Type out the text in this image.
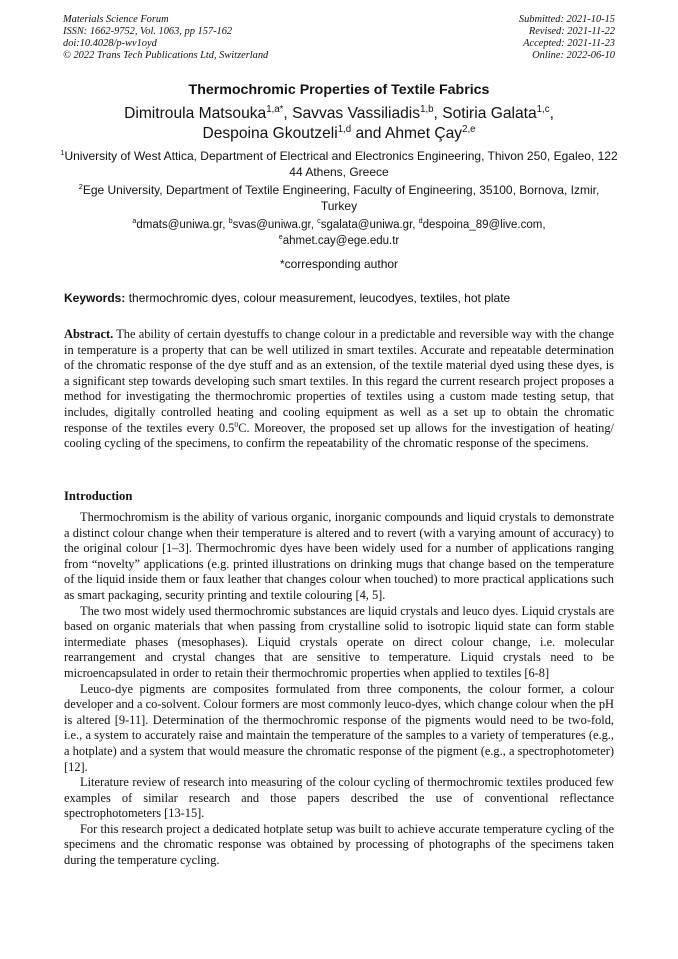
Materials Science Forum
ISSN: 1662-9752, Vol. 1063, pp 157-162
doi:10.4028/p-wv1oyd
© 2022 Trans Tech Publications Ltd, Switzerland
Submitted: 2021-10-15
Revised: 2021-11-22
Accepted: 2021-11-23
Online: 2022-06-10
Thermochromic Properties of Textile Fabrics
Dimitroula Matsouka$^{1,a*}$, Savvas Vassiliadis$^{1,b}$, Sotiria Galata$^{1,c}$,
Despoina Gkoutzeli$^{1,d}$ and Ahmet Çay$^{2,e}$
$^1$University of West Attica, Department of Electrical and Electronics Engineering, Thivon 250, Egaleo, 122 44 Athens, Greece
$^2$Ege University, Department of Textile Engineering, Faculty of Engineering, 35100, Bornova, Izmir, Turkey
$^a$dmats@uniwa.gr, $^b$svas@uniwa.gr, $^c$sgalata@uniwa.gr, $^d$despoina_89@live.com,
$^e$ahmet.cay@ege.edu.tr
*corresponding author
Keywords: thermochromic dyes, colour measurement, leucodyes, textiles, hot plate
Abstract. The ability of certain dyestuffs to change colour in a predictable and reversible way with the change in temperature is a property that can be well utilized in smart textiles. Accurate and repeatable determination of the chromatic response of the dye stuff and as an extension, of the textile material dyed using these dyes, is a significant step towards developing such smart textiles. In this regard the current research project proposes a method for investigating the thermochromic properties of textiles using a custom made testing setup, that includes, digitally controlled heating and cooling equipment as well as a set up to obtain the chromatic response of the textiles every $0.5^0C$. Moreover, the proposed set up allows for the investigation of heating/ cooling cycling of the specimens, to confirm the repeatability of the chromatic response of the specimens.
Introduction

Thermochromism is the ability of various organic, inorganic compounds and liquid crystals to demonstrate a distinct colour change when their temperature is altered and to revert (with a varying amount of accuracy) to the original colour [1–3]. Thermochromic dyes have been widely used for a number of applications ranging from “novelty” applications (e.g. printed illustrations on drinking mugs that change based on the temperature of the liquid inside them or faux leather that changes colour when touched) to more practical applications such as smart packaging, security printing and textile colouring [4, 5].

The two most widely used thermochromic substances are liquid crystals and leuco dyes. Liquid crystals are based on organic materials that when passing from crystalline solid to isotropic liquid state can form stable intermediate phases (mesophases). Liquid crystals operate on direct colour change, i.e. molecular rearrangement and crystal changes that are sensitive to temperature. Liquid crystals need to be microencapsulated in order to retain their thermochromic properties when applied to textiles [6-8]

Leuco-dye pigments are composites formulated from three components, the colour former, a colour developer and a co-solvent. Colour formers are most commonly leuco-dyes, which change colour when the pH is altered [9-11]. Determination of the thermochromic response of the pigments would need to be two-fold, i.e., a system to accurately raise and maintain the temperature of the samples to a variety of temperatures (e.g., a hotplate) and a system that would measure the chromatic response of the pigment (e.g., a spectrophotometer) [12].

Literature review of research into measuring of the colour cycling of thermochromic textiles produced few examples of similar research and those papers described the use of conventional reflectance spectrophotometers [13-15].

For this research project a dedicated hotplate setup was built to achieve accurate temperature cycling of the specimens and the chromatic response was obtained by processing of photographs of the specimens taken during the temperature cycling.
